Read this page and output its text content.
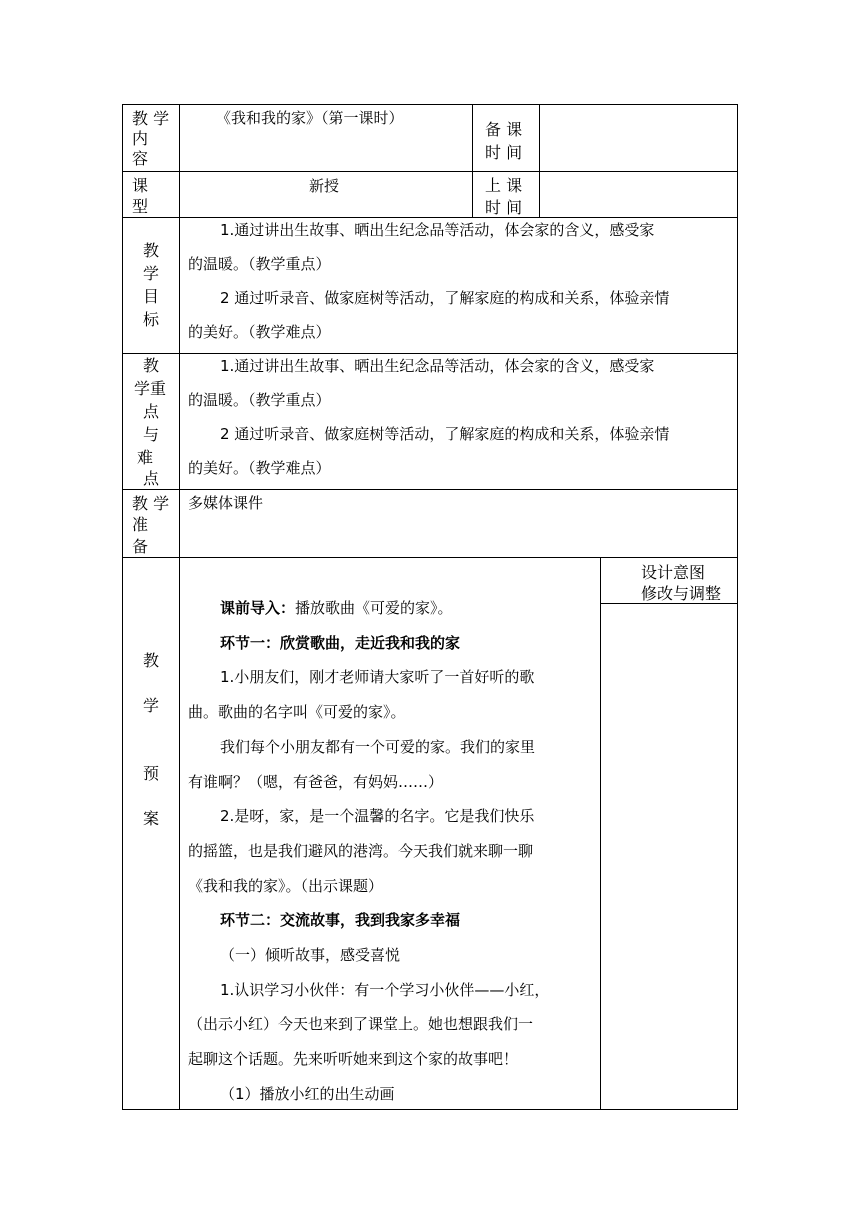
教 学
内
容
《我和我的家》（第一课时）
备 课
时 间
课
型
新授	上 课
时 间
教
学
目
标
1.通过讲出生故事、晒出生纪念品等活动，体会家的含义，感受家
的温暖。（教学重点）
2 通过听录音、做家庭树等活动，了解家庭的构成和关系，体验亲情
的美好。（教学难点）
教
学重
点
与
难
点
1.通过讲出生故事、晒出生纪念品等活动，体会家的含义，感受家
的温暖。（教学重点）
2 通过听录音、做家庭树等活动，了解家庭的构成和关系，体验亲情
的美好。（教学难点）
教 学
准
备
多媒体课件
教
学
预
案
课前导入：播放歌曲《可爱的家》。
环节一：欣赏歌曲，走近我和我的家
1.小朋友们，刚才老师请大家听了一首好听的歌
曲。歌曲的名字叫《可爱的家》。
我们每个小朋友都有一个可爱的家。我们的家里
有谁啊？（嗯，有爸爸，有妈妈……）
2.是呀，家，是一个温馨的名字。它是我们快乐
的摇篮，也是我们避风的港湾。今天我们就来聊一聊
《我和我的家》。（出示课题）
环节二：交流故事，我到我家多幸福
（一）倾听故事，感受喜悦
1.认识学习小伙伴：有一个学习小伙伴——小红，
（出示小红）今天也来到了课堂上。她也想跟我们一
起聊这个话题。先来听听她来到这个家的故事吧！
（1）播放小红的出生动画
设计意图
修改与调整
